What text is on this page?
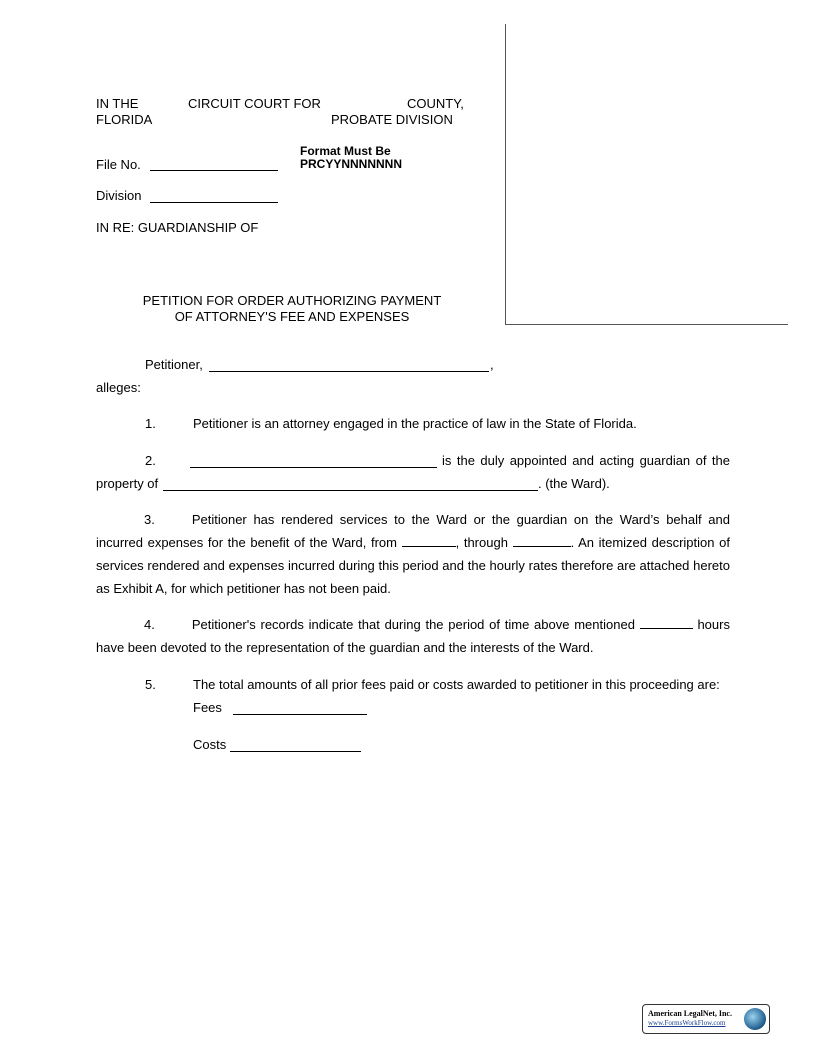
IN THE	CIRCUIT COURT FOR	COUNTY,
FLORIDA	PROBATE DIVISION
File No.
Format Must Be
PRCYYNNNNNNN
Division
IN RE: GUARDIANSHIP OF
PETITION FOR ORDER AUTHORIZING PAYMENT
OF ATTORNEY'S FEE AND EXPENSES
Petitioner,	,
alleges:
1.	Petitioner is an attorney engaged in the practice of law in the State of Florida.
2.	is the duly appointed and acting guardian of the
property of	. (the Ward).
3.	Petitioner has rendered services to the Ward or the guardian on the Ward’s behalf and incurred expenses for the benefit of the Ward, from	, through	. An itemized description of services rendered and expenses incurred during this period and the hourly rates therefore are attached hereto as Exhibit A, for which petitioner has not been paid.
4.	Petitioner's records indicate that during the period of time above mentioned	hours have been devoted to the representation of the guardian and the interests of the Ward.
5.	The total amounts of all prior fees paid or costs awarded to petitioner in this proceeding are:
Fees
Costs
American LegalNet, Inc.
www.FormsWorkFlow.com
